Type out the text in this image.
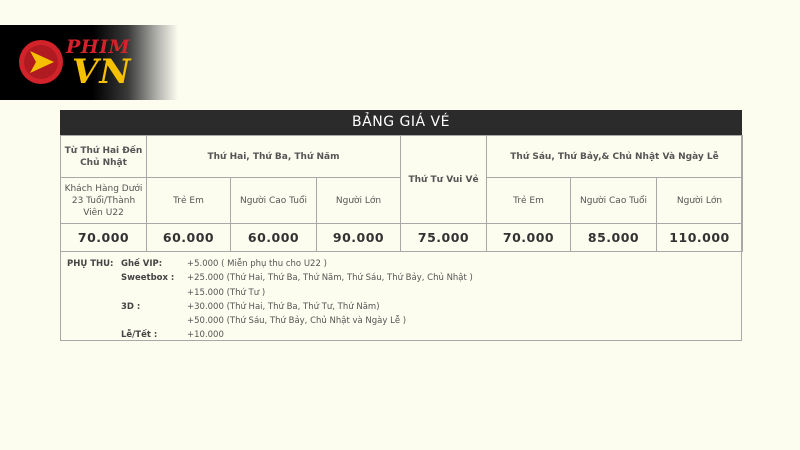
PHIM
VN
BẢNG GIÁ VÉ
Từ Thứ Hai Đến Chủ Nhật	Thứ Hai, Thứ Ba, Thứ Năm			Thứ Tư Vui Vẻ	Thứ Sáu, Thứ Bảy,& Chủ Nhật Và Ngày Lễ		
Khách Hàng Dưới 23 Tuổi/Thành Viên U22	Trẻ Em	Người Cao Tuổi	Người Lớn		Trẻ Em	Người Cao Tuổi	Người Lớn
70.000	60.000	60.000	90.000	75.000	70.000	85.000	110.000
PHỤ THU: Ghế VIP:	+5.000 ( Miễn phụ thu cho U22 )
Sweetbox : +25.000 (Thứ Hai, Thứ Ba, Thứ Năm, Thứ Sáu, Thứ Bảy, Chủ Nhật )
+15.000 (Thứ Tư )
3D :	+30.000 (Thứ Hai, Thứ Ba, Thứ Tư, Thứ Năm)
+50.000 (Thứ Sáu, Thứ Bảy, Chủ Nhật và Ngày Lễ )
Lễ/Tết :	+10.000
